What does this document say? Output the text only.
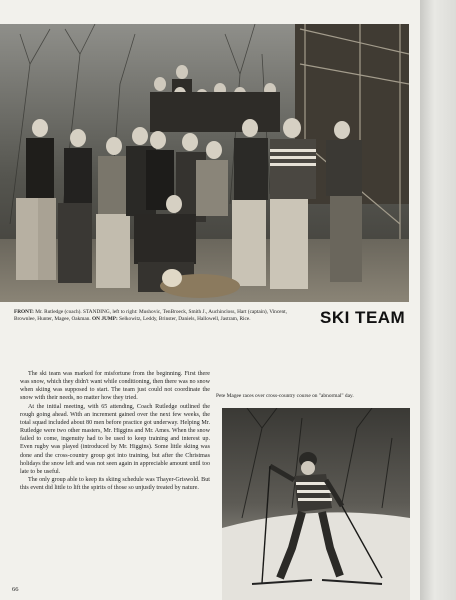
FRONT: Mr. Rutledge (coach). STANDING, left to right: Mushovic, TenBroeck, Smith J., Auchincloss, Hart (captain), Vincent, Brownlee, Hunter, Magee, Oakman. ON JUMP: Selkowitz, Leddy, Brinster, Daniels, Hallowell, Jastram, Rice.	SKI TEAM

The ski team was marked for misfortune from the beginning. First there was snow, which they didn't want while conditioning, then there was no snow when skiing was supposed to start. The team just could not coordinate the snow with their needs, no matter how they tried.

At the initial meeting, with 65 attending, Coach Rutledge outlined the rough going ahead. With an increment gained over the next few weeks, the total squad included about 80 men before practice got underway. Helping Mr. Rutledge were two other masters, Mr. Higgins and Mr. Ames. When the snow failed to come, ingenuity had to be used to keep training and interest up. Even rugby was played (introduced by Mr. Higgins). Some little skiing was done and the cross-country group got into training, but after the Christmas holidays the snow left and was not seen again in appreciable amount until too late to be useful.

The only group able to keep its skiing schedule was Thayer-Griswold. But this event did little to lift the spirits of those so unjustly treated by nature.

Pete Magee races over cross-country course on "abnormal" day.
66
